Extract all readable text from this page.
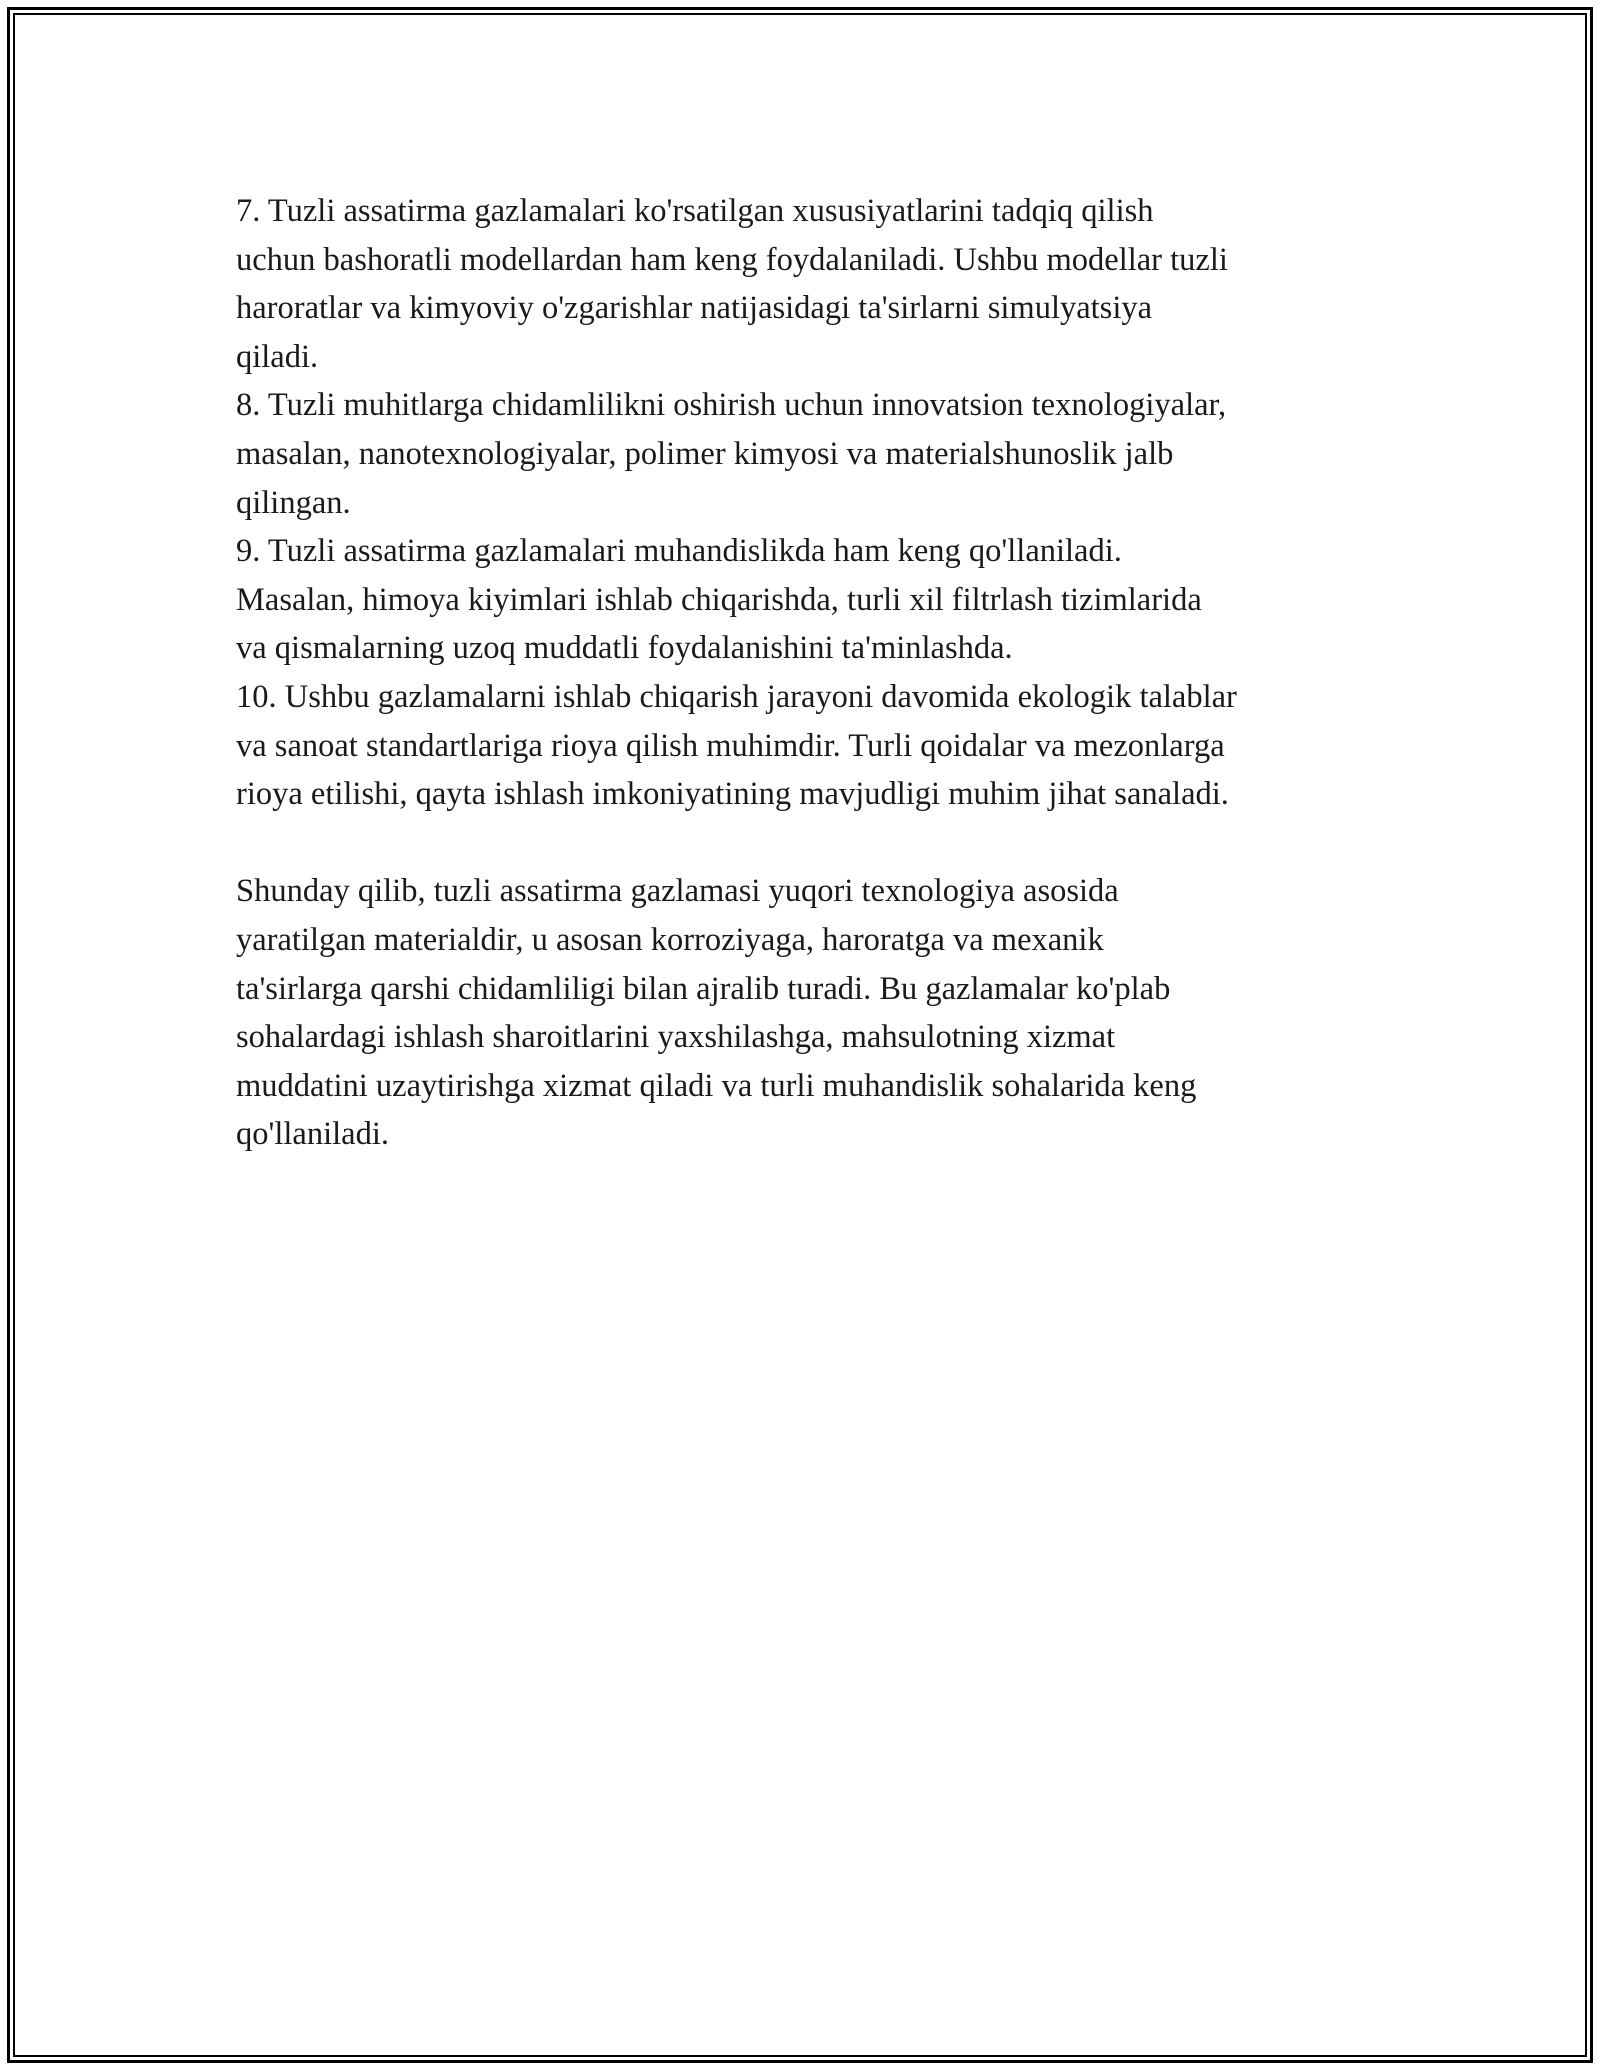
7. Tuzli assatirma gazlamalari ko'rsatilgan xususiyatlarini tadqiq qilish
uchun bashoratli modellardan ham keng foydalaniladi. Ushbu modellar tuzli
haroratlar va kimyoviy o'zgarishlar natijasidagi ta'sirlarni simulyatsiya
qiladi.
8. Tuzli muhitlarga chidamlilikni oshirish uchun innovatsion texnologiyalar,
masalan, nanotexnologiyalar, polimer kimyosi va materialshunoslik jalb
qilingan.
9. Tuzli assatirma gazlamalari muhandislikda ham keng qo'llaniladi.
Masalan, himoya kiyimlari ishlab chiqarishda, turli xil filtrlash tizimlarida
va qismalarning uzoq muddatli foydalanishini ta'minlashda.
10. Ushbu gazlamalarni ishlab chiqarish jarayoni davomida ekologik talablar
va sanoat standartlariga rioya qilish muhimdir. Turli qoidalar va mezonlarga
rioya etilishi, qayta ishlash imkoniyatining mavjudligi muhim jihat sanaladi.
Shunday qilib, tuzli assatirma gazlamasi yuqori texnologiya asosida
yaratilgan materialdir, u asosan korroziyaga, haroratga va mexanik
ta'sirlarga qarshi chidamliligi bilan ajralib turadi. Bu gazlamalar ko'plab
sohalardagi ishlash sharoitlarini yaxshilashga, mahsulotning xizmat
muddatini uzaytirishga xizmat qiladi va turli muhandislik sohalarida keng
qo'llaniladi.
